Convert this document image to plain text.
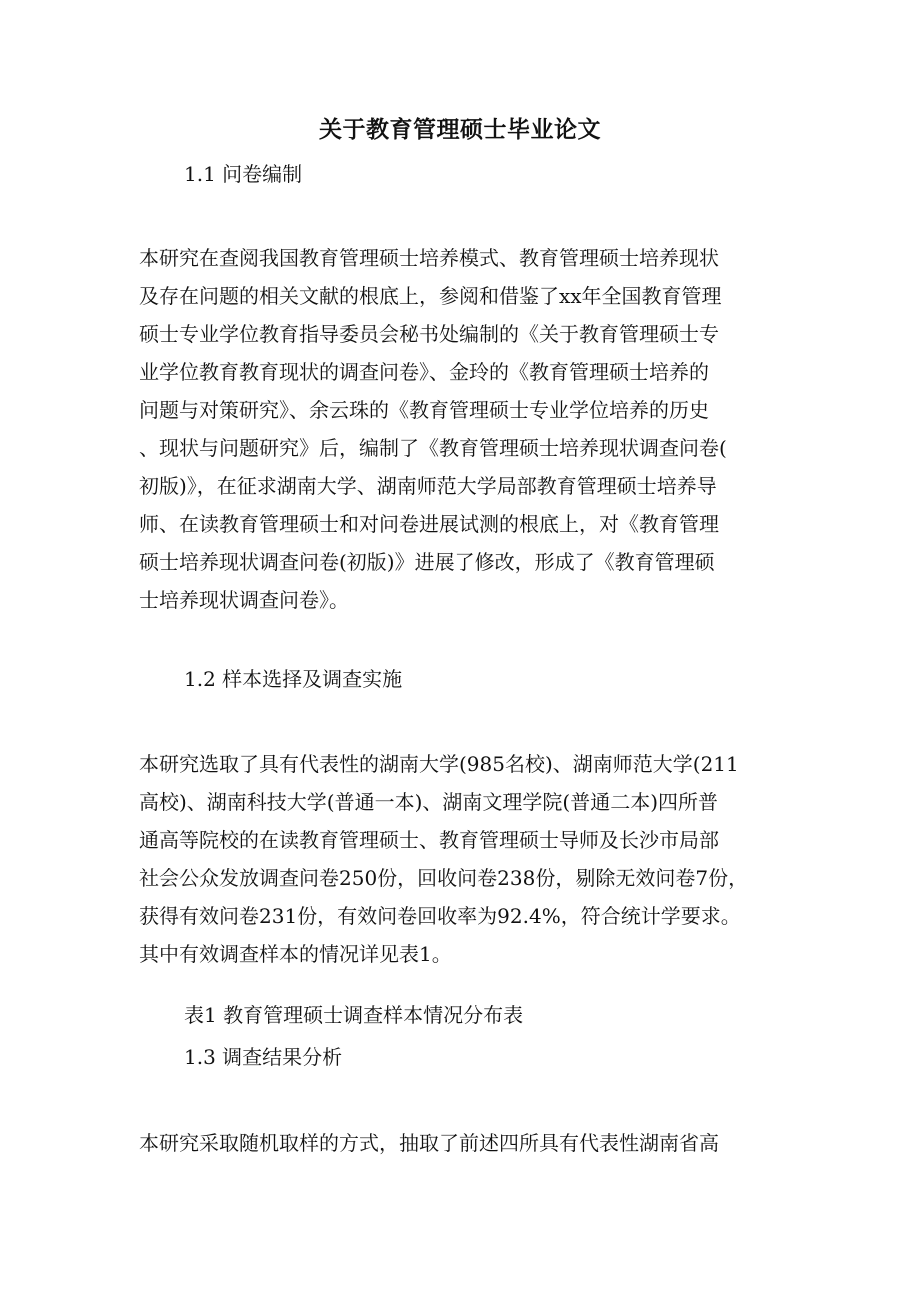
关于教育管理硕士毕业论文
1.1 问卷编制
本研究在查阅我国教育管理硕士培养模式、教育管理硕士培养现状
及存在问题的相关文献的根底上，参阅和借鉴了xx年全国教育管理
硕士专业学位教育指导委员会秘书处编制的《关于教育管理硕士专
业学位教育教育现状的调查问卷》、金玲的《教育管理硕士培养的
问题与对策研究》、余云珠的《教育管理硕士专业学位培养的历史
、现状与问题研究》后，编制了《教育管理硕士培养现状调查问卷(
初版)》，在征求湖南大学、湖南师范大学局部教育管理硕士培养导
师、在读教育管理硕士和对问卷进展试测的根底上，对《教育管理
硕士培养现状调查问卷(初版)》进展了修改，形成了《教育管理硕
士培养现状调查问卷》。
1.2 样本选择及调查实施
本研究选取了具有代表性的湖南大学(985名校)、湖南师范大学(211
高校)、湖南科技大学(普通一本)、湖南文理学院(普通二本)四所普
通高等院校的在读教育管理硕士、教育管理硕士导师及长沙市局部
社会公众发放调查问卷250份，回收问卷238份，剔除无效问卷7份，
获得有效问卷231份，有效问卷回收率为92.4%，符合统计学要求。
其中有效调查样本的情况详见表1。
表1 教育管理硕士调查样本情况分布表
1.3 调查结果分析
本研究采取随机取样的方式，抽取了前述四所具有代表性湖南省高
